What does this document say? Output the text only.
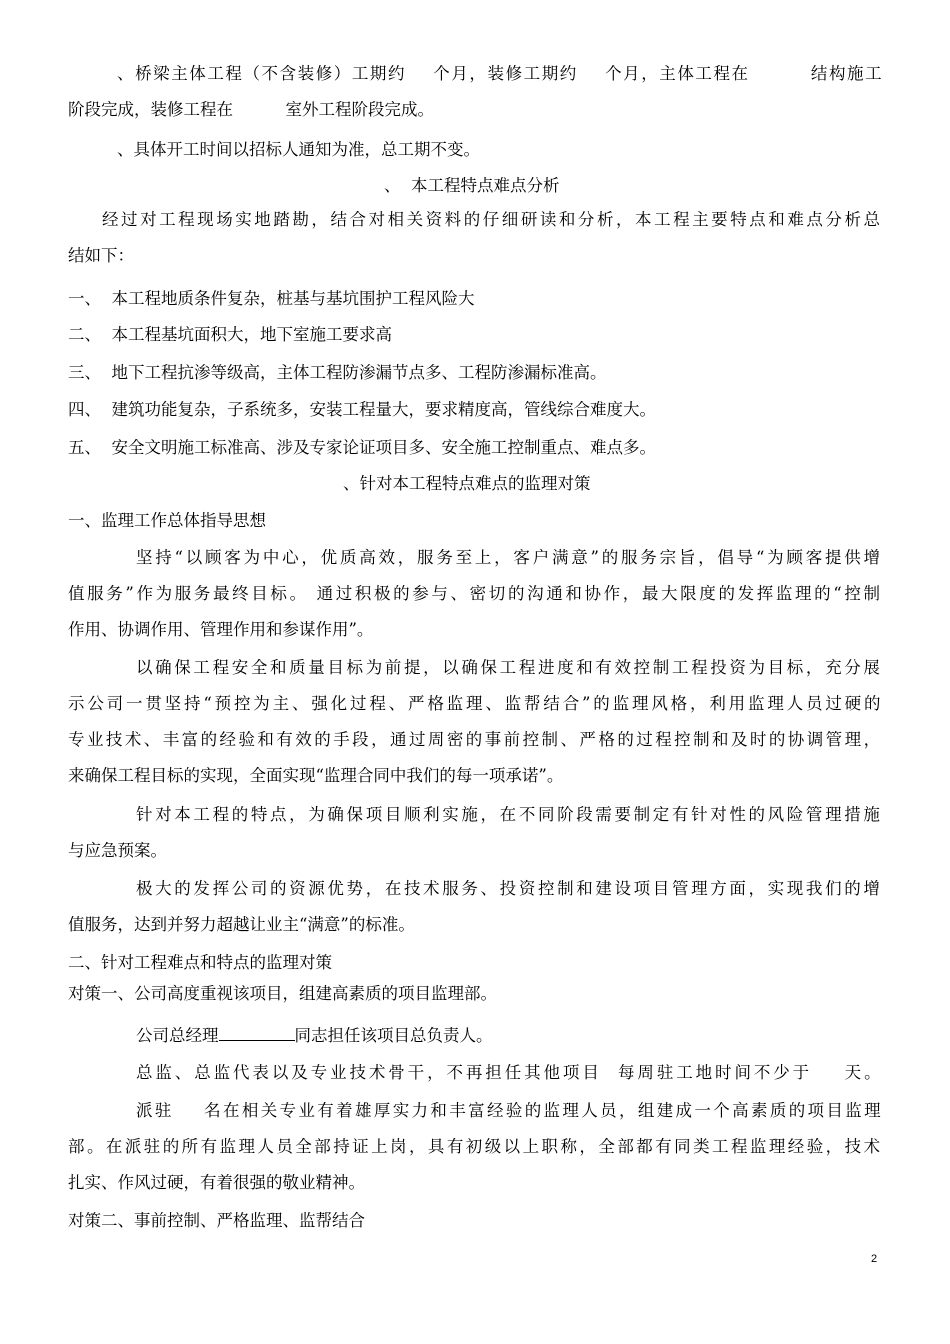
、桥梁主体工程（不含装修）工期约    个月，装修工期约    个月，主体工程在         结构施工
阶段完成，装修工程在          室外工程阶段完成。
、具体开工时间以招标人通知为准，总工期不变。
、  本工程特点难点分析
经过对工程现场实地踏勘，结合对相关资料的仔细研读和分析，本工程主要特点和难点分析总
结如下：
一、  本工程地质条件复杂，桩基与基坑围护工程风险大
二、  本工程基坑面积大，地下室施工要求高
三、  地下工程抗渗等级高，主体工程防渗漏节点多、工程防渗漏标准高。
四、  建筑功能复杂，子系统多，安装工程量大，要求精度高，管线综合难度大。
五、  安全文明施工标准高、涉及专家论证项目多、安全施工控制重点、难点多。
、针对本工程特点难点的监理对策
一、监理工作总体指导思想
坚持“以顾客为中心，优质高效，服务至上，客户满意”的服务宗旨，倡导“为顾客提供增
值服务”作为服务最终目标。 通过积极的参与、密切的沟通和协作，最大限度的发挥监理的“控制
作用、协调作用、管理作用和参谋作用”。
以确保工程安全和质量目标为前提，以确保工程进度和有效控制工程投资为目标，充分展
示公司一贯坚持“预控为主、强化过程、严格监理、监帮结合”的监理风格，利用监理人员过硬的
专业技术、丰富的经验和有效的手段，通过周密的事前控制、严格的过程控制和及时的协调管理，
来确保工程目标的实现，全面实现“监理合同中我们的每一项承诺”。
针对本工程的特点，为确保项目顺利实施，在不同阶段需要制定有针对性的风险管理措施
与应急预案。
极大的发挥公司的资源优势，在技术服务、投资控制和建设项目管理方面，实现我们的增
值服务，达到并努力超越让业主“满意”的标准。
二、针对工程难点和特点的监理对策
对策一、公司高度重视该项目，组建高素质的项目监理部。
公司总经理	同志担任该项目总负责人。
总监、总监代表以及专业技术骨干，不再担任其他项目  每周驻工地时间不少于    天。
派驻    名在相关专业有着雄厚实力和丰富经验的监理人员，组建成一个高素质的项目监理
部。在派驻的所有监理人员全部持证上岗，具有初级以上职称，全部都有同类工程监理经验，技术
扎实、作风过硬，有着很强的敬业精神。
对策二、事前控制、严格监理、监帮结合
2
